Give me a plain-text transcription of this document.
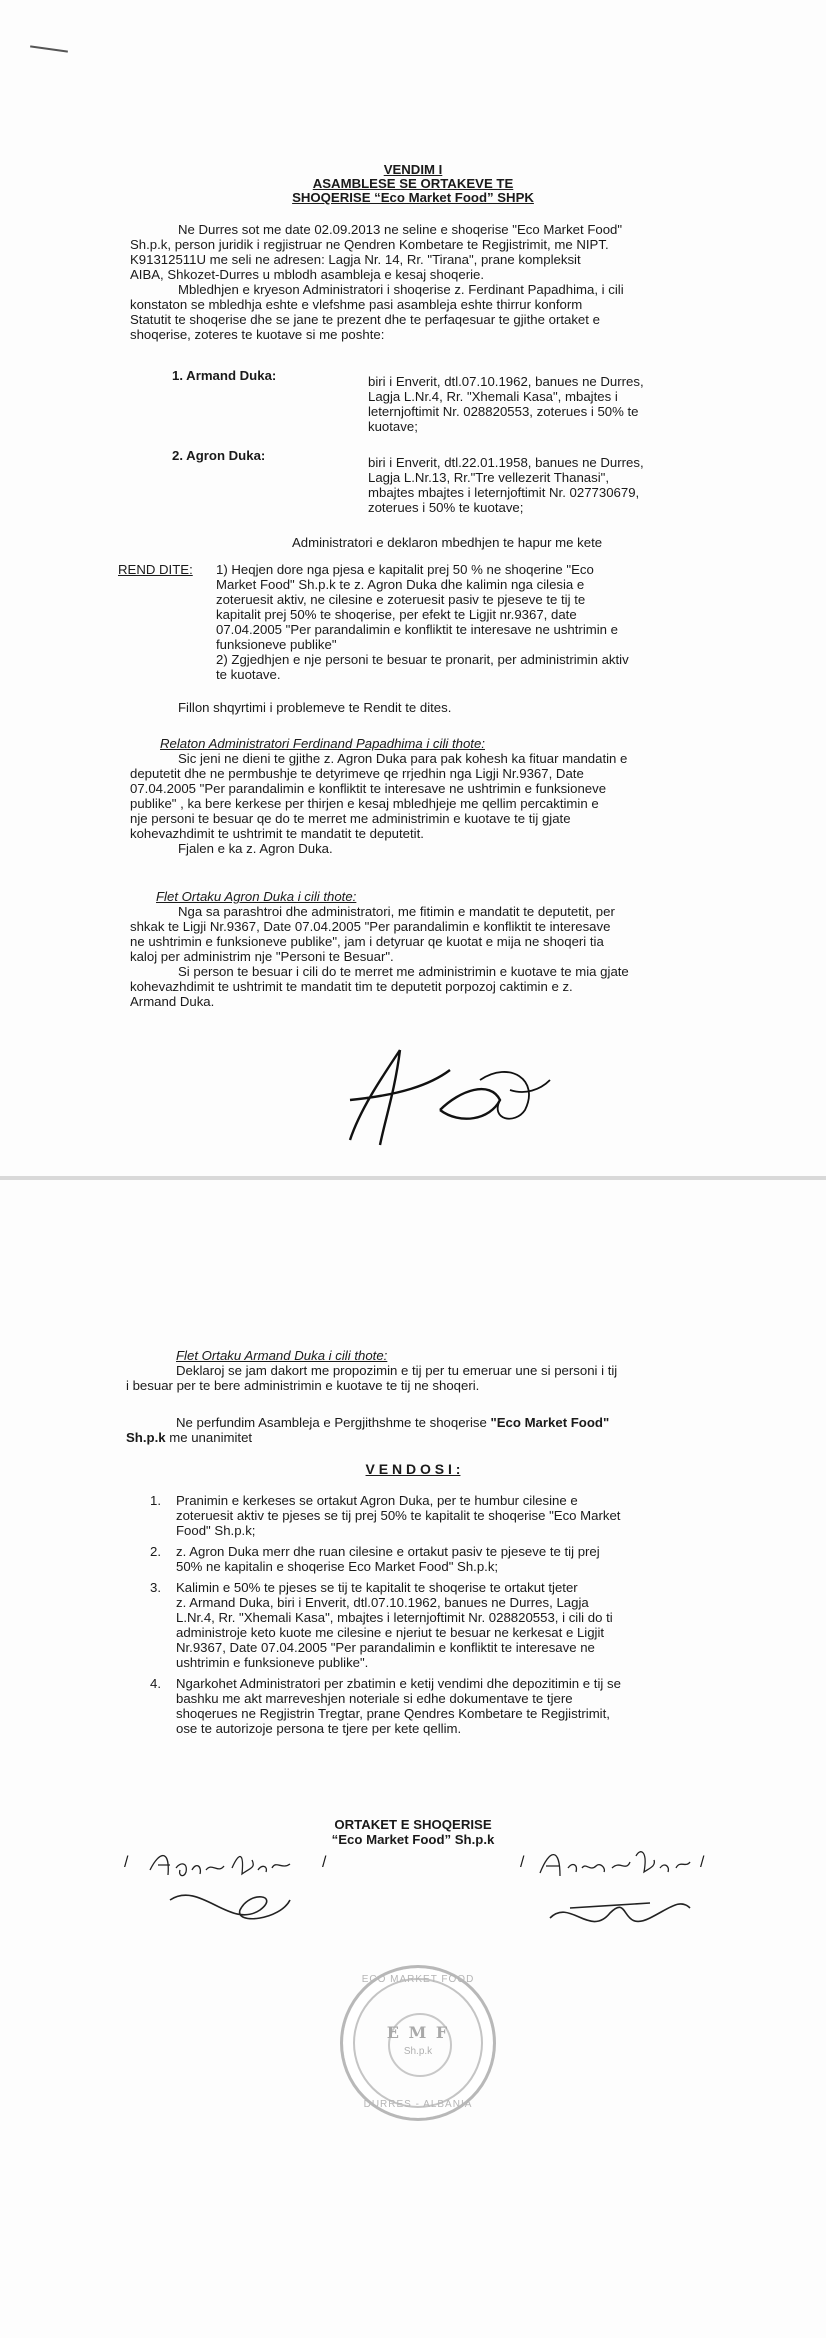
VENDIM I
ASAMBLESE SE ORTAKEVE TE
SHOQERISE “Eco Market Food” SHPK
Ne Durres sot me date 02.09.2013 ne seline e shoqerise "Eco Market Food"
Sh.p.k, person juridik i regjistruar ne Qendren Kombetare te Regjistrimit, me NIPT.
K91312511U me seli ne adresen: Lagja Nr. 14, Rr. "Tirana", prane kompleksit
AIBA, Shkozet-Durres u mblodh asambleja e kesaj shoqerie.
Mbledhjen e kryeson Administratori i shoqerise z. Ferdinant Papadhima, i cili
konstaton se mbledhja eshte e vlefshme pasi asambleja eshte thirrur konform
Statutit te shoqerise dhe se jane te prezent dhe te perfaqesuar te gjithe ortaket e
shoqerise, zoteres te kuotave si me poshte:
1. Armand Duka:	biri i Enverit, dtl.07.10.1962, banues ne Durres,
Lagja L.Nr.4, Rr. "Xhemali Kasa", mbajtes i
leternjoftimit Nr. 028820553, zoterues i 50% te
kuotave;
2. Agron Duka:	biri i Enverit, dtl.22.01.1958, banues ne Durres,
Lagja L.Nr.13, Rr."Tre vellezerit Thanasi",
mbajtes mbajtes i leternjoftimit Nr. 027730679,
zoterues i 50% te kuotave;
Administratori e deklaron mbedhjen te hapur me kete
REND DITE: 1) Heqjen dore nga pjesa e kapitalit prej 50 % ne shoqerine "Eco
Market Food" Sh.p.k te z. Agron Duka dhe kalimin nga cilesia e
zoteruesit aktiv, ne cilesine e zoteruesit pasiv te pjeseve te tij te
kapitalit prej 50% te shoqerise, per efekt te Ligjit nr.9367, date
07.04.2005 "Per parandalimin e konfliktit te interesave ne ushtrimin e
funksioneve publike"
2) Zgjedhjen e nje personi te besuar te pronarit, per administrimin aktiv
te kuotave.
Fillon shqyrtimi i problemeve te Rendit te dites.
Relaton Administratori Ferdinand Papadhima i cili thote:
Sic jeni ne dieni te gjithe z. Agron Duka para pak kohesh ka fituar mandatin e
deputetit dhe ne permbushje te detyrimeve qe rrjedhin nga Ligji Nr.9367, Date
07.04.2005 "Per parandalimin e konfliktit te interesave ne ushtrimin e funksioneve
publike" , ka bere kerkese per thirjen e kesaj mbledhjeje me qellim percaktimin e
nje personi te besuar qe do te merret me administrimin e kuotave te tij gjate
kohevazhdimit te ushtrimit te mandatit te deputetit.
Fjalen e ka z. Agron Duka.
Flet Ortaku Agron Duka i cili thote:
Nga sa parashtroi dhe administratori, me fitimin e mandatit te deputetit, per
shkak te Ligji Nr.9367, Date 07.04.2005 "Per parandalimin e konfliktit te interesave
ne ushtrimin e funksioneve publike", jam i detyruar qe kuotat e mija ne shoqeri tia
kaloj per administrim nje "Personi te Besuar".
Si person te besuar i cili do te merret me administrimin e kuotave te mia gjate
kohevazhdimit te ushtrimit te mandatit tim te deputetit porpozoj caktimin e z.
Armand Duka.
Flet Ortaku Armand Duka i cili thote:
Deklaroj se jam dakort me propozimin e tij per tu emeruar une si personi i tij
i besuar per te bere administrimin e kuotave te tij ne shoqeri.
Ne perfundim Asambleja e Pergjithshme te shoqerise "Eco Market Food"
Sh.p.k me unanimitet
V E N D O S I :
1. Pranimin e kerkeses se ortakut Agron Duka, per te humbur cilesine e
zoteruesit aktiv te pjeses se tij prej 50% te kapitalit te shoqerise "Eco Market
Food" Sh.p.k;
2. z. Agron Duka merr dhe ruan cilesine e ortakut pasiv te pjeseve te tij prej
50% ne kapitalin e shoqerise Eco Market Food" Sh.p.k;
3. Kalimin e 50% te pjeses se tij te kapitalit te shoqerise te ortakut tjeter
z. Armand Duka, biri i Enverit, dtl.07.10.1962, banues ne Durres, Lagja
L.Nr.4, Rr. "Xhemali Kasa", mbajtes i leternjoftimit Nr. 028820553, i cili do ti
administroje keto kuote me cilesine e njeriut te besuar ne kerkesat e Ligjit
Nr.9367, Date 07.04.2005 "Per parandalimin e konfliktit te interesave ne
ushtrimin e funksioneve publike".
4. Ngarkohet Administratori per zbatimin e ketij vendimi dhe depozitimin e tij se
bashku me akt marreveshjen noteriale si edhe dokumentave te tjere
shoqerues ne Regjistrin Tregtar, prane Qendres Kombetare te Regjistrimit,
ose te autorizoje persona te tjere per kete qellim.
ORTAKET E SHOQERISE
“Eco Market Food” Sh.p.k
/	/	/	/
ECO MARKET FOOD
E M F
Sh.p.k
DURRES - ALBANIA
